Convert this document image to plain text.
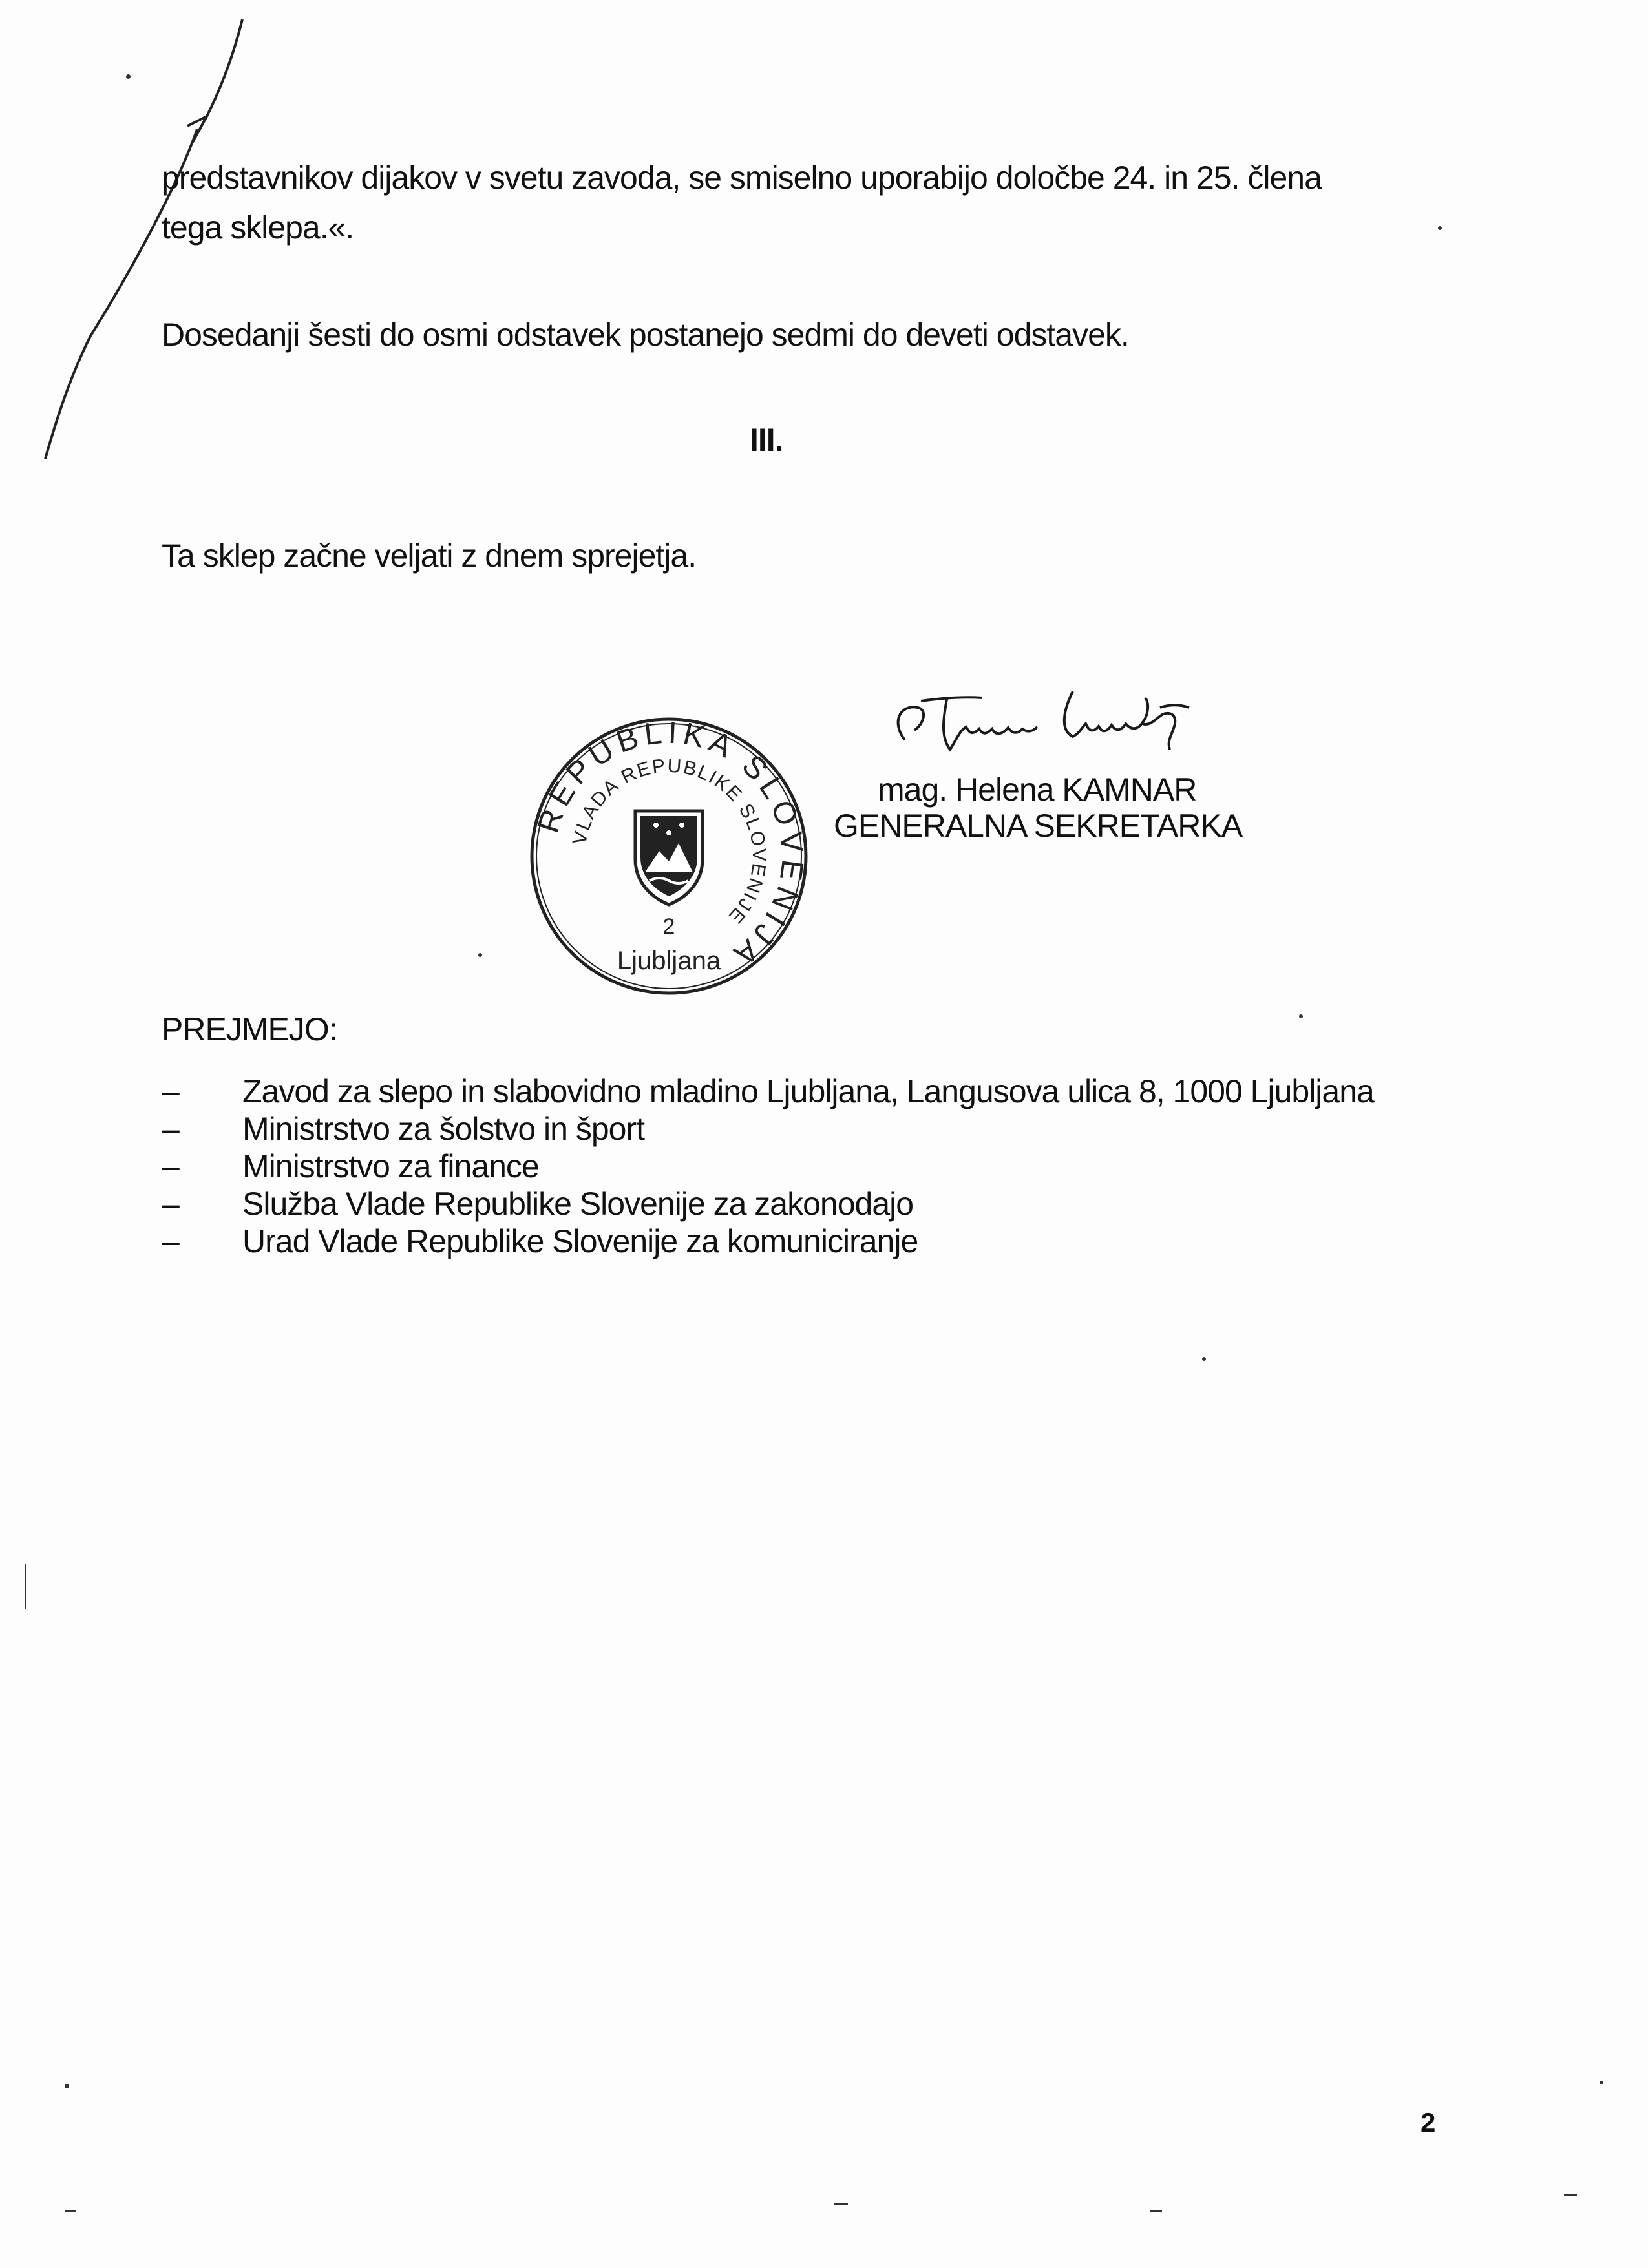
predstavnikov dijakov v svetu zavoda, se smiselno uporabijo določbe 24. in 25. člena
tega sklepa.«.
Dosedanji šesti do osmi odstavek postanejo sedmi do deveti odstavek.
III.
Ta sklep začne veljati z dnem sprejetja.
REPUBLIKA SLOVENIJA
VLADA REPUBLIKE SLOVENIJE
2
Ljubljana
mag. Helena KAMNAR
GENERALNA SEKRETARKA
PREJMEJO:
– Zavod za slepo in slabovidno mladino Ljubljana, Langusova ulica 8, 1000 Ljubljana
– Ministrstvo za šolstvo in šport
– Ministrstvo za finance
– Služba Vlade Republike Slovenije za zakonodajo
– Urad Vlade Republike Slovenije za komuniciranje
2
